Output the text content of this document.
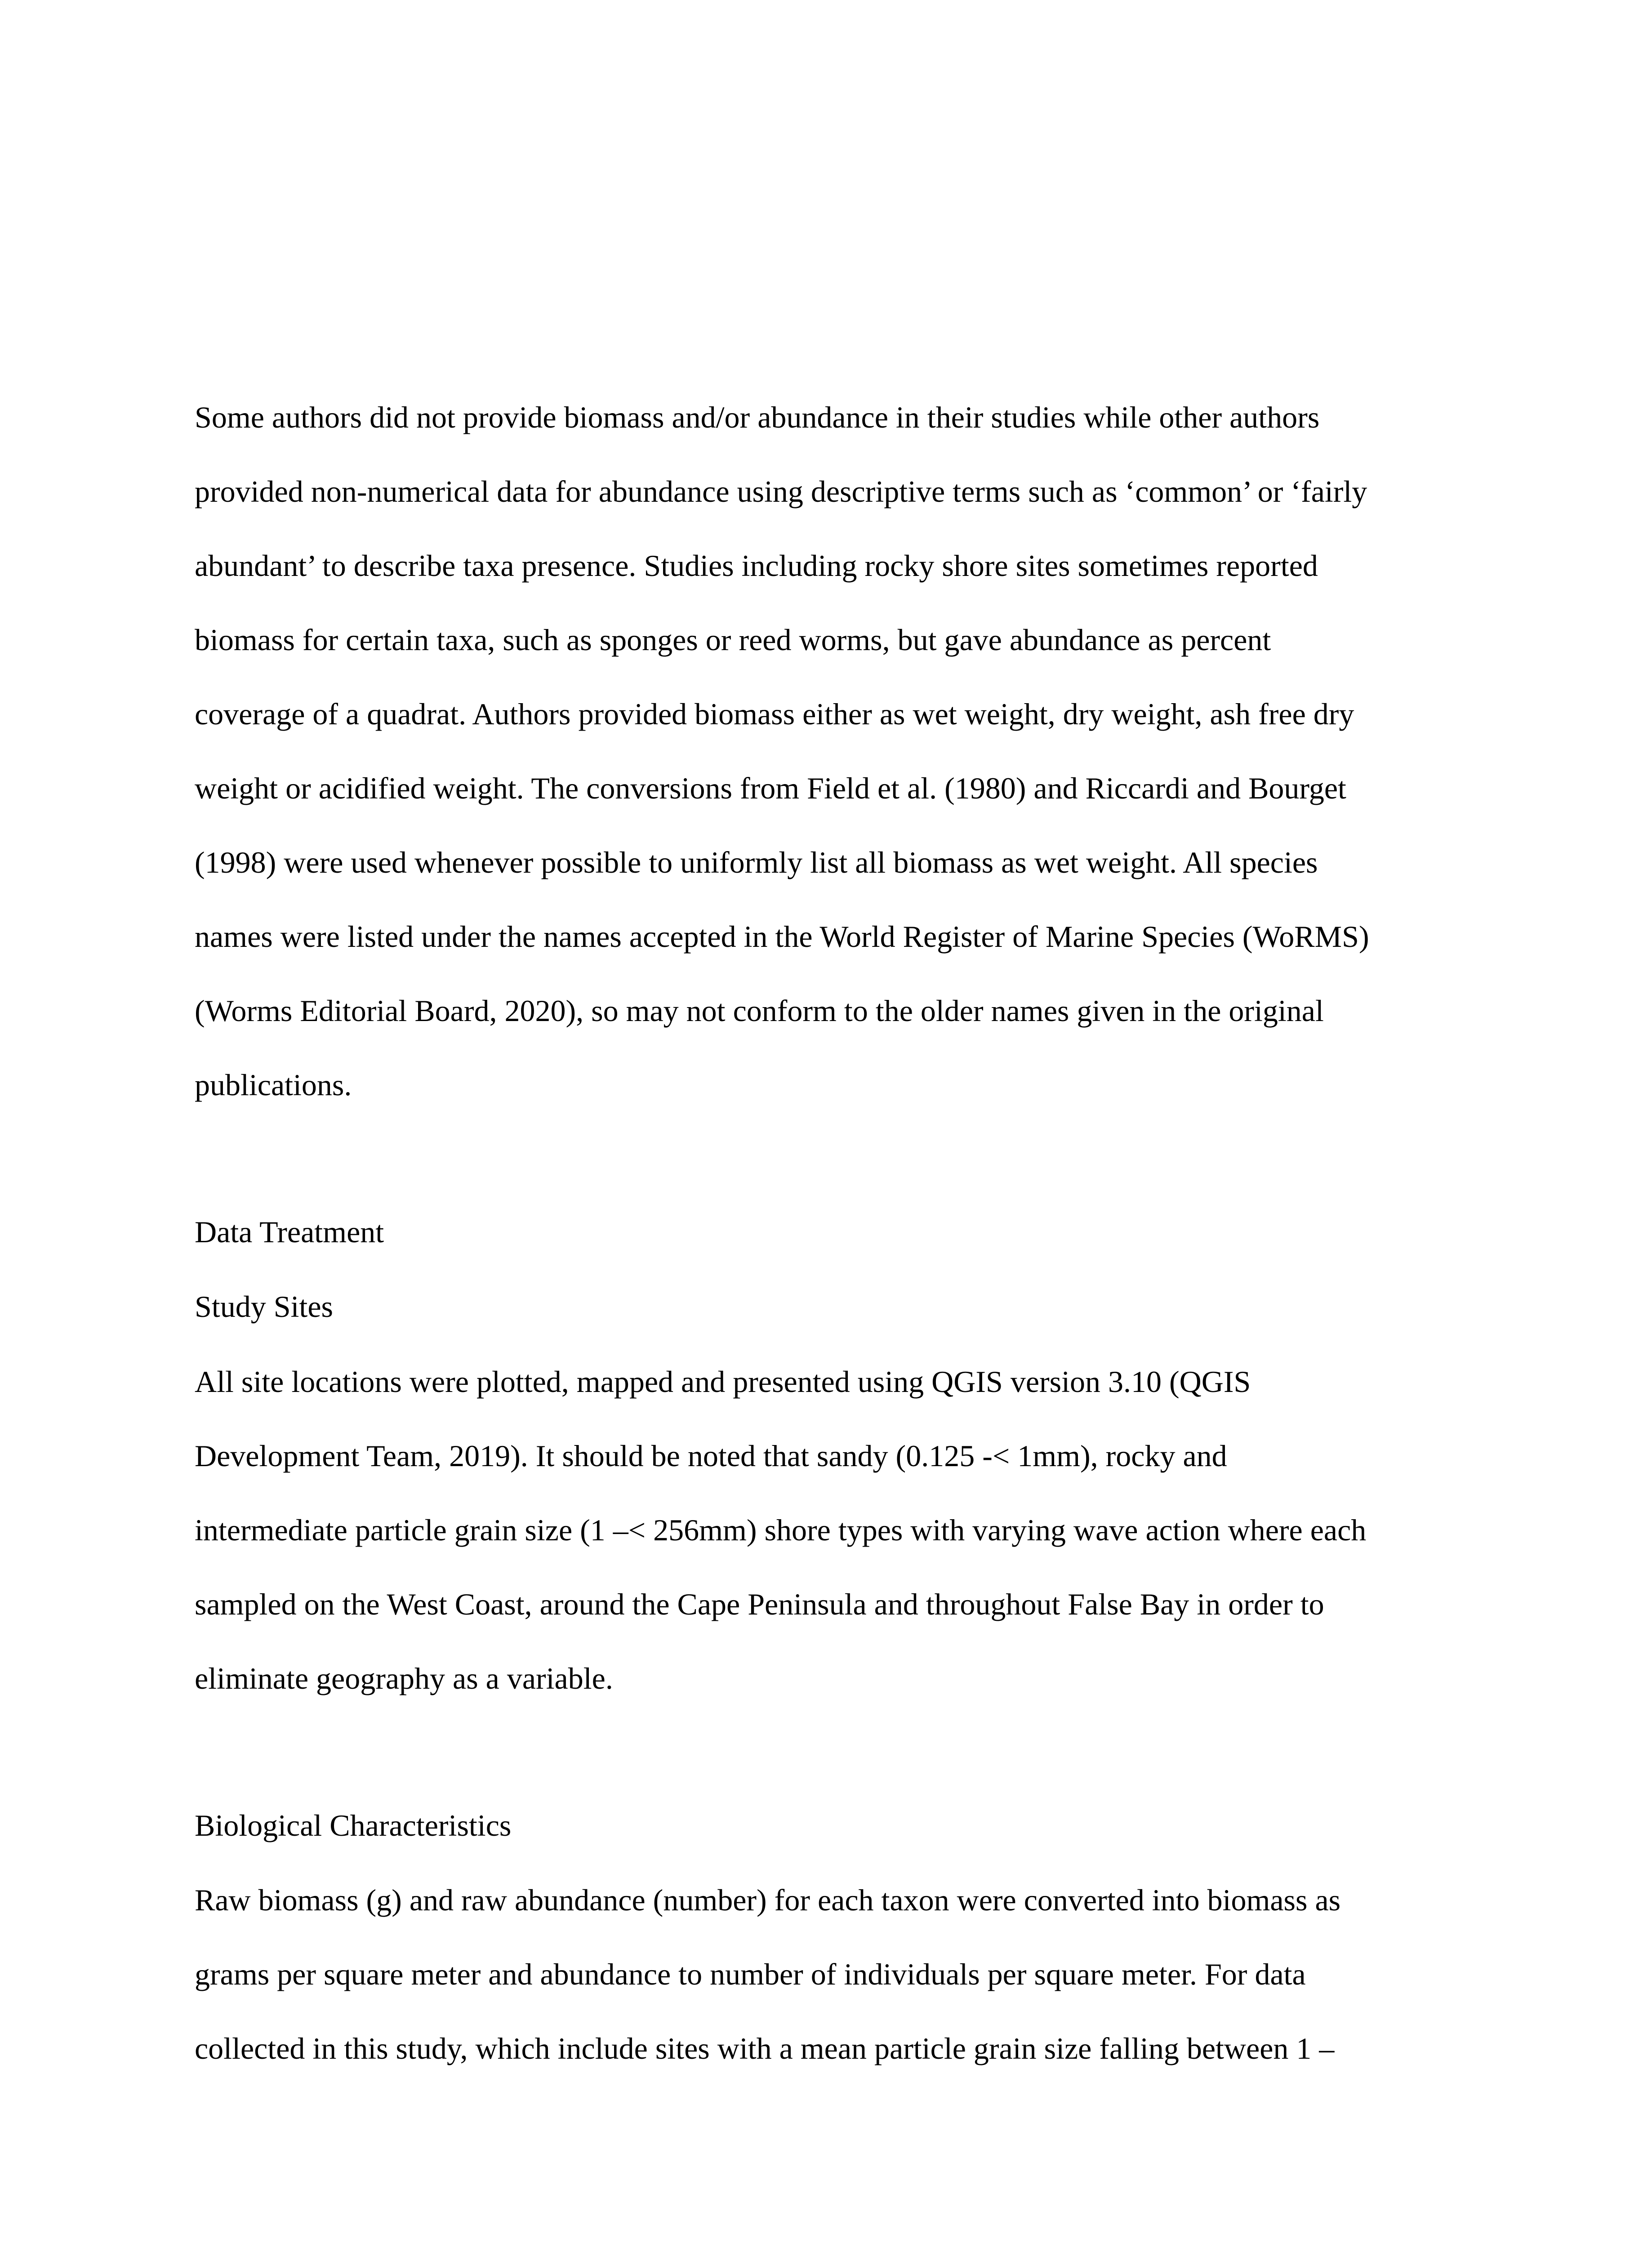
Some authors did not provide biomass and/or abundance in their studies while other authors
provided non-numerical data for abundance using descriptive terms such as ‘common’ or ‘fairly
abundant’ to describe taxa presence. Studies including rocky shore sites sometimes reported
biomass for certain taxa, such as sponges or reed worms, but gave abundance as percent
coverage of a quadrat. Authors provided biomass either as wet weight, dry weight, ash free dry
weight or acidified weight. The conversions from Field et al. (1980) and Riccardi and Bourget
(1998) were used whenever possible to uniformly list all biomass as wet weight. All species
names were listed under the names accepted in the World Register of Marine Species (WoRMS)
(Worms Editorial Board, 2020), so may not conform to the older names given in the original
publications.
Data Treatment
Study Sites
All site locations were plotted, mapped and presented using QGIS version 3.10 (QGIS
Development Team, 2019). It should be noted that sandy (0.125 -< 1mm), rocky and
intermediate particle grain size (1 –< 256mm) shore types with varying wave action where each
sampled on the West Coast, around the Cape Peninsula and throughout False Bay in order to
eliminate geography as a variable.
Biological Characteristics
Raw biomass (g) and raw abundance (number) for each taxon were converted into biomass as
grams per square meter and abundance to number of individuals per square meter. For data
collected in this study, which include sites with a mean particle grain size falling between 1 –
